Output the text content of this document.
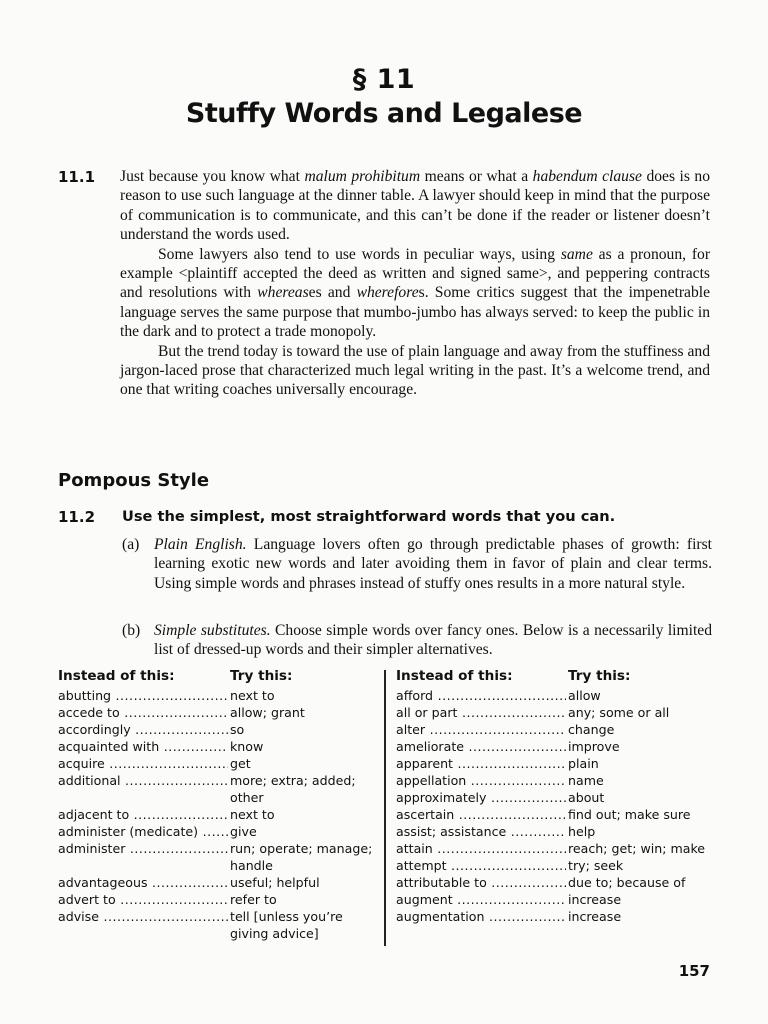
§ 11
Stuffy Words and Legalese
11.1 Just because you know what malum prohibitum means or what a habendum clause does is no reason to use such language at the dinner table. A lawyer should keep in mind that the purpose of communication is to communicate, and this can’t be done if the reader or listener doesn’t understand the words used.

Some lawyers also tend to use words in peculiar ways, using same as a pronoun, for example <plaintiff accepted the deed as written and signed same>, and peppering contracts and resolutions with whereases and wherefores. Some critics suggest that the impenetrable language serves the same purpose that mumbo-jumbo has always served: to keep the public in the dark and to protect a trade monopoly.

But the trend today is toward the use of plain language and away from the stuffiness and jargon-laced prose that characterized much legal writing in the past. It’s a welcome trend, and one that writing coaches universally encourage.

Pompous Style
11.2 Use the simplest, most straightforward words that you can.
(a) Plain English. Language lovers often go through predictable phases of growth: first learning exotic new words and later avoiding them in favor of plain and clear terms. Using simple words and phrases instead of stuffy ones results in a more natural style.
(b) Simple substitutes. Choose simple words over fancy ones. Below is a necessarily limited list of dressed-up words and their simpler alternatives.
Instead of this:	Try this:
abutting .....	next to
accede to .....	allow; grant
accordingly .....	so
acquainted with .....	know
acquire .....	get
additional .....	more; extra; added; other
adjacent to .....	next to
administer (medicate) .....	give
administer .....	run; operate; manage; handle
advantageous .....	useful; helpful
advert to .....	refer to
advise .....	tell [unless you’re giving advice]
Instead of this:	Try this:
afford .....	allow
all or part .....	any; some or all
alter .....	change
ameliorate .....	improve
apparent .....	plain
appellation .....	name
approximately .....	about
ascertain .....	find out; make sure
assist; assistance .....	help
attain .....	reach; get; win; make
attempt .....	try; seek
attributable to .....	due to; because of
augment .....	increase
augmentation .....	increase
157
